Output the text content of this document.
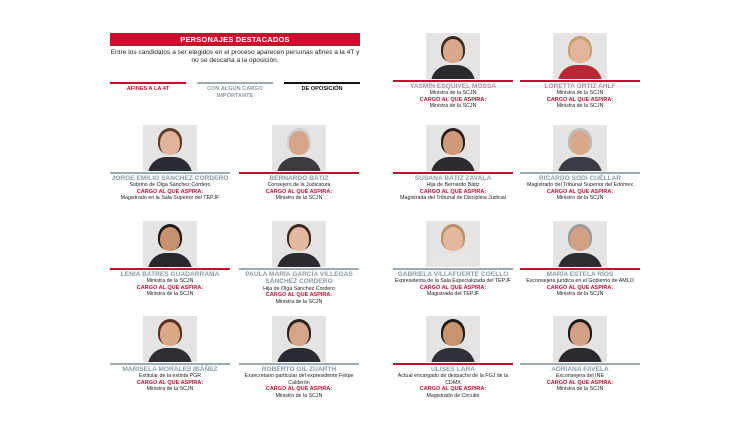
PERSONAJES DESTACADOS
Entre los candidatos a ser elegidos en el proceso aparecen personas afines a la 4T y no se descarta a la oposición.
AFINES A LA 4T	CON ALGÚN CARGO IMPORTANTE
DE OPOSICIÓN	YASMÍN ESQUIVEL MOSSA
Ministra de la SCJN
CARGO AL QUE ASPIRA:
Ministra de la SCJN
LORETTA ORTIZ AHLF
Ministra de la SCJN
CARGO AL QUE ASPIRA:
Ministra de la SCJN
JORGE EMILIO SÁNCHEZ CORDERO
Sobrino de Olga Sánchez Cordero
CARGO AL QUE ASPIRA:
Magistrado en la Sala Superior del TEPJF
BERNARDO BÁTIZ
Consejero de la Judicatura
CARGO AL QUE ASPIRA:
Ministro de la SCJN
SUSANA BÁTIZ ZAVALA
Hija de Bernardo Bátiz
CARGO AL QUE ASPIRA:
Magistrada del Tribunal de Disciplina Judicial
RICARDO SODI CUÉLLAR
Magistrado del Tribunal Superior del Edomex
CARGO AL QUE ASPIRA:
Ministro de la SCJN
LENIA BATRES GUADARRAMA
Ministra de la SCJN
CARGO AL QUE ASPIRA:
Ministra de la SCJN
PAULA MARÍA GARCÍA VILLEGAS SÁNCHEZ CORDERO
Hija de Olga Sánchez Cordero
CARGO AL QUE ASPIRA:
Ministra de la SCJN
GABRIELA VILLAFUERTE COELLO
Expresidenta de la Sala Especializada del TEPJF
CARGO AL QUE ASPIRA:
Magistrada del TEPJF
MARÍA ESTELA RÍOS
Exconsejera jurídica en el Gobierno de AMLO
CARGO AL QUE ASPIRA:
Ministra de la SCJN
MARISELA MORALES IBÁÑEZ
Extitular de la extinta PGR
CARGO AL QUE ASPIRA:
Ministra de la SCJN
ROBERTO GIL ZUARTH
Exsecretario particular del expresidente Felipe Calderón
CARGO AL QUE ASPIRA:
Ministro de la SCJN
ULISES LARA
Actual encargado de despacho de la FGJ de la CDMX
CARGO AL QUE ASPIRA:
Magistrado de Circuito
ADRIANA FAVELA
Exconsejera del INE
CARGO AL QUE ASPIRA:
Ministra de la SCJN
